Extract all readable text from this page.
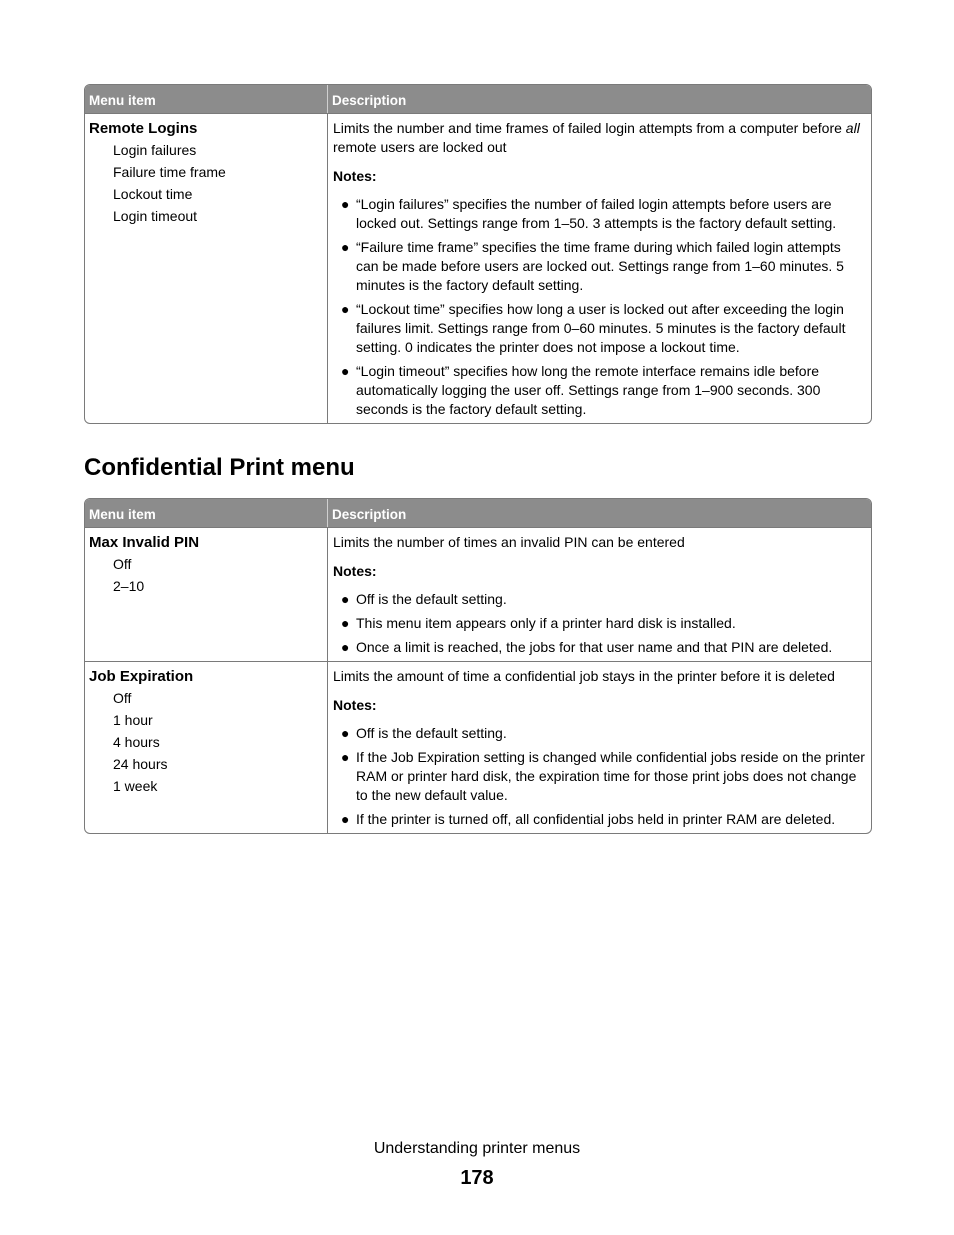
Menu item	Description
Remote Logins
Login failures
Failure time frame
Lockout time
Login timeout
Limits the number and time frames of failed login attempts from a computer before all remote users are locked out
Notes:
● “Login failures” specifies the number of failed login attempts before users are locked out. Settings range from 1–50. 3 attempts is the factory default setting.
● “Failure time frame” specifies the time frame during which failed login attempts can be made before users are locked out. Settings range from 1–60 minutes. 5 minutes is the factory default setting.
● “Lockout time” specifies how long a user is locked out after exceeding the login failures limit. Settings range from 0–60 minutes. 5 minutes is the factory default setting. 0 indicates the printer does not impose a lockout time.
● “Login timeout” specifies how long the remote interface remains idle before automatically logging the user off. Settings range from 1–900 seconds. 300 seconds is the factory default setting.
Confidential Print menu
Menu item	Description
Max Invalid PIN
Off
2–10
Limits the number of times an invalid PIN can be entered
Notes:
● Off is the default setting.
● This menu item appears only if a printer hard disk is installed.
● Once a limit is reached, the jobs for that user name and that PIN are deleted.
Job Expiration
Off
1 hour
4 hours
24 hours
1 week
Limits the amount of time a confidential job stays in the printer before it is deleted
Notes:
● Off is the default setting.
● If the Job Expiration setting is changed while confidential jobs reside on the printer RAM or printer hard disk, the expiration time for those print jobs does not change to the new default value.
● If the printer is turned off, all confidential jobs held in printer RAM are deleted.
Understanding printer menus
178
